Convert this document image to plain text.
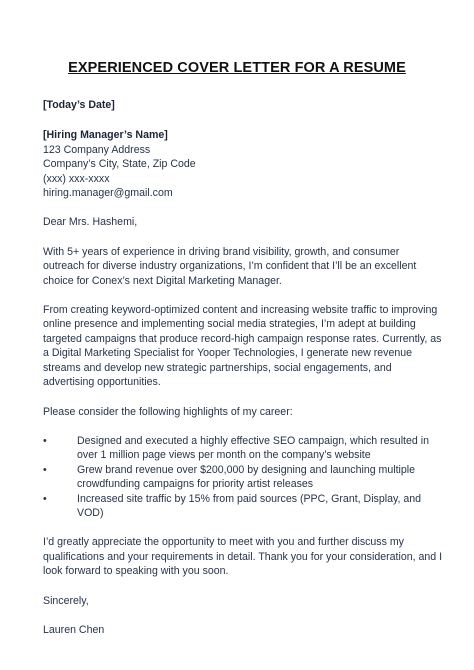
EXPERIENCED COVER LETTER FOR A RESUME
[Today’s Date]
[Hiring Manager’s Name]
123 Company Address
Company’s City, State, Zip Code
(xxx) xxx-xxxx
hiring.manager@gmail.com
Dear Mrs. Hashemi,

With 5+ years of experience in driving brand visibility, growth, and consumer outreach for diverse industry organizations, I’m confident that I’ll be an excellent choice for Conex’s next Digital Marketing Manager.

From creating keyword-optimized content and increasing website traffic to improving online presence and implementing social media strategies, I’m adept at building targeted campaigns that produce record-high campaign response rates. Currently, as a Digital Marketing Specialist for Yooper Technologies, I generate new revenue streams and develop new strategic partnerships, social engagements, and advertising opportunities.

Please consider the following highlights of my career:

•	Designed and executed a highly effective SEO campaign, which resulted in over 1 million page views per month on the company’s website
•	Grew brand revenue over $200,000 by designing and launching multiple crowdfunding campaigns for priority artist releases
•	Increased site traffic by 15% from paid sources (PPC, Grant, Display, and VOD)

I’d greatly appreciate the opportunity to meet with you and further discuss my qualifications and your requirements in detail. Thank you for your consideration, and I look forward to speaking with you soon.

Sincerely,
Lauren Chen
